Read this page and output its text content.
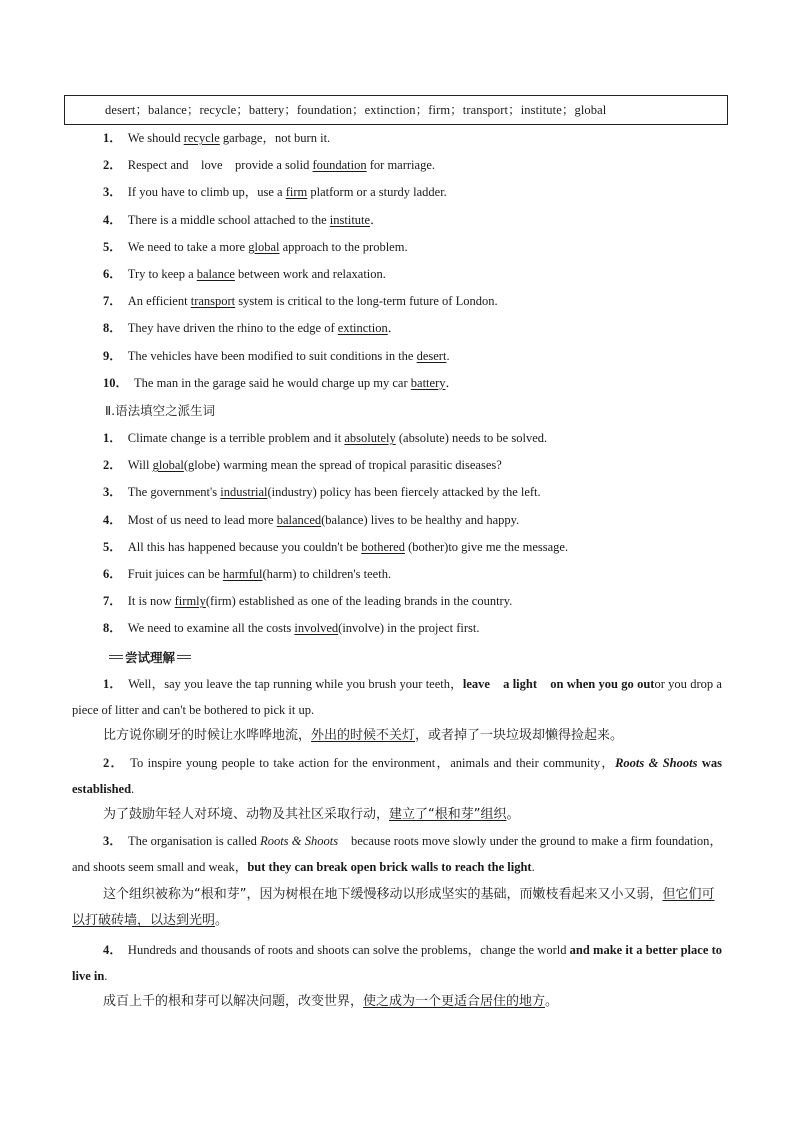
desert；balance；recycle；battery；foundation；extinction；firm；transport；institute；global
1． We should recycle garbage，not burn it.
2． Respect and    love    provide a solid foundation for marriage.
3． If you have to climb up，use a firm platform or a sturdy ladder.
4． There is a middle school attached to the institute．
5． We need to take a more global approach to the problem.
6． Try to keep a balance between work and relaxation.
7． An efficient transport system is critical to the long-term future of London.
8． They have driven the rhino to the edge of extinction．
9． The vehicles have been modified to suit conditions in the desert.
10． The man in the garage said he would charge up my car battery．
Ⅱ.语法填空之派生词
1． Climate change is a terrible problem and it absolutely (absolute) needs to be solved.
2． Will global(globe) warming mean the spread of tropical parasitic diseases?
3． The government's industrial(industry) policy has been fiercely attacked by the left.
4． Most of us need to lead more balanced(balance) lives to be healthy and happy.
5． All this has happened because you couldn't be bothered (bother)to give me the message.
6． Fruit juices can be harmful(harm) to children's teeth.
7． It is now firmly(firm) established as one of the leading brands in the country.
8． We need to examine all the costs involved(involve) in the project first.
尝试理解
1． Well，say you leave the tap running while you brush your teeth，leave    a light    on when you go outor you drop a piece of litter and can't be bothered to pick it up.
比方说你刷牙的时候让水哗哗地流，外出的时候不关灯，或者掉了一块垃圾却懒得捡起来。
2． To inspire young people to take action for the environment，animals and their community，Roots & Shoots was established.
为了鼓励年轻人对环境、动物及其社区采取行动，建立了“根和芽”组织。
3． The organisation is called Roots & Shoots    because roots move slowly under the ground to make a firm foundation，and shoots seem small and weak，but they can break open brick walls to reach the light.
这个组织被称为“根和芽”，因为树根在地下缓慢移动以形成坚实的基础，而嫩枝看起来又小又弱，但它们可以打破砖墙，以达到光明。
4． Hundreds and thousands of roots and shoots can solve the problems，change the world and make it a better place to live in.
成百上千的根和芽可以解决问题，改变世界，使之成为一个更适合居住的地方。
